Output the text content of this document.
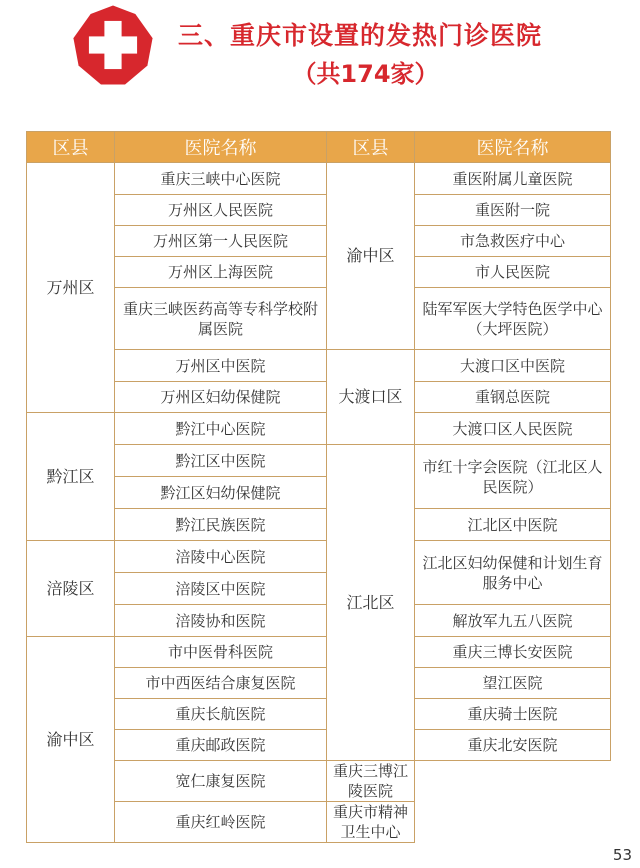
三、重庆市设置的发热门诊医院
（共174家）
区县	医院名称	区县	医院名称
万州区	重庆三峡中心医院	渝中区	重医附属儿童医院
	万州区人民医院		重医附一院
	万州区第一人民医院		市急救医疗中心
	万州区上海医院		市人民医院
	重庆三峡医药高等专科学校附属医院		陆军军医大学特色医学中心（大坪医院）
	万州区中医院	大渡口区	大渡口区中医院
	万州区妇幼保健院		重钢总医院
黔江区	黔江中心医院		大渡口区人民医院
	黔江区中医院	江北区	市红十字会医院（江北区人民医院）
	黔江区妇幼保健院		
	黔江民族医院		江北区中医院
涪陵区	涪陵中心医院		江北区妇幼保健和计划生育服务中心
	涪陵区中医院		
	涪陵协和医院		解放军九五八医院
渝中区	市中医骨科医院		重庆三博长安医院
	市中西医结合康复医院		望江医院
	重庆长航医院		重庆骑士医院
	重庆邮政医院		重庆北安医院
	宽仁康复医院	重庆三博江陵医院	
	重庆红岭医院	重庆市精神卫生中心	
53
